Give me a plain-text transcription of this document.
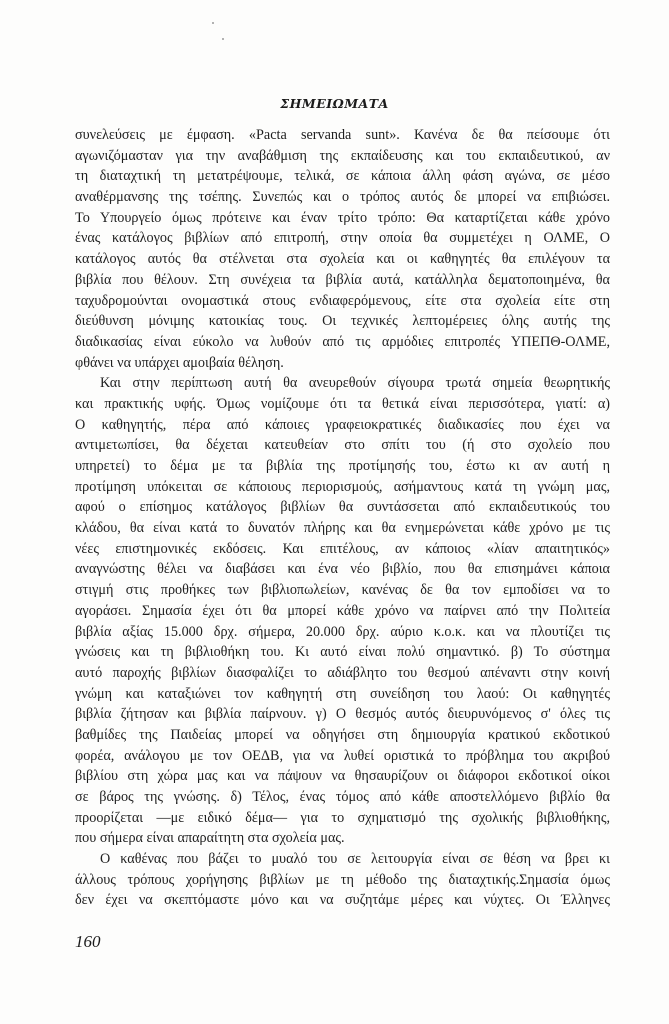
ΣΗΜΕΙΩΜΑΤΑ
συνελεύσεις με έμφαση. «Pacta servanda sunt». Κανένα δε θα πείσουμε ότι
αγωνιζόμασταν για την αναβάθμιση της εκπαίδευσης και του εκπαιδευτικού, αν
τη διαταχτική τη μετατρέψουμε, τελικά, σε κάποια άλλη φάση αγώνα, σε μέσο
αναθέρμανσης της τσέπης. Συνεπώς και ο τρόπος αυτός δε μπορεί να επιβιώσει.
Το Υπουργείο όμως πρότεινε και έναν τρίτο τρόπο: Θα καταρτίζεται κάθε χρόνο
ένας κατάλογος βιβλίων από επιτροπή, στην οποία θα συμμετέχει η ΟΛΜΕ, Ο
κατάλογος αυτός θα στέλνεται στα σχολεία και οι καθηγητές θα επιλέγουν τα
βιβλία που θέλουν. Στη συνέχεια τα βιβλία αυτά, κατάλληλα δεματοποιημένα, θα
ταχυδρομούνται ονομαστικά στους ενδιαφερόμενους, είτε στα σχολεία είτε στη
διεύθυνση μόνιμης κατοικίας τους. Οι τεχνικές λεπτομέρειες όλης αυτής της
διαδικασίας είναι εύκολο να λυθούν από τις αρμόδιες επιτροπές ΥΠΕΠΘ-ΟΛΜΕ,
φθάνει να υπάρχει αμοιβαία θέληση.
Και στην περίπτωση αυτή θα ανευρεθούν σίγουρα τρωτά σημεία θεωρητικής
και πρακτικής υφής. Όμως νομίζουμε ότι τα θετικά είναι περισσότερα, γιατί: α)
Ο καθηγητής, πέρα από κάποιες γραφειοκρατικές διαδικασίες που έχει να
αντιμετωπίσει, θα δέχεται κατευθείαν στο σπίτι του (ή στο σχολείο που
υπηρετεί) το δέμα με τα βιβλία της προτίμησής του, έστω κι αν αυτή η
προτίμηση υπόκειται σε κάποιους περιορισμούς, ασήμαντους κατά τη γνώμη μας,
αφού ο επίσημος κατάλογος βιβλίων θα συντάσσεται από εκπαιδευτικούς του
κλάδου, θα είναι κατά το δυνατόν πλήρης και θα ενημερώνεται κάθε χρόνο με τις
νέες επιστημονικές εκδόσεις. Και επιτέλους, αν κάποιος «λίαν απαιτητικός»
αναγνώστης θέλει να διαβάσει και ένα νέο βιβλίο, που θα επισημάνει κάποια
στιγμή στις προθήκες των βιβλιοπωλείων, κανένας δε θα τον εμποδίσει να το
αγοράσει. Σημασία έχει ότι θα μπορεί κάθε χρόνο να παίρνει από την Πολιτεία
βιβλία αξίας 15.000 δρχ. σήμερα, 20.000 δρχ. αύριο κ.ο.κ. και να πλουτίζει τις
γνώσεις και τη βιβλιοθήκη του. Κι αυτό είναι πολύ σημαντικό. β) Το σύστημα
αυτό παροχής βιβλίων διασφαλίζει το αδιάβλητο του θεσμού απέναντι στην κοινή
γνώμη και καταξιώνει τον καθηγητή στη συνείδηση του λαού: Οι καθηγητές
βιβλία ζήτησαν και βιβλία παίρνουν. γ) Ο θεσμός αυτός διευρυνόμενος σ' όλες τις
βαθμίδες της Παιδείας μπορεί να οδηγήσει στη δημιουργία κρατικού εκδοτικού
φορέα, ανάλογου με τον ΟΕΔΒ, για να λυθεί οριστικά το πρόβλημα του ακριβού
βιβλίου στη χώρα μας και να πάψουν να θησαυρίζουν οι διάφοροι εκδοτικοί οίκοι
σε βάρος της γνώσης. δ) Τέλος, ένας τόμος από κάθε αποστελλόμενο βιβλίο θα
προορίζεται —με ειδικό δέμα— για το σχηματισμό της σχολικής βιβλιοθήκης,
που σήμερα είναι απαραίτητη στα σχολεία μας.
Ο καθένας που βάζει το μυαλό του σε λειτουργία είναι σε θέση να βρει κι
άλλους τρόπους χορήγησης βιβλίων με τη μέθοδο της διαταχτικής.Σημασία όμως
δεν έχει να σκεπτόμαστε μόνο και να συζητάμε μέρες και νύχτες. Οι Έλληνες
160
